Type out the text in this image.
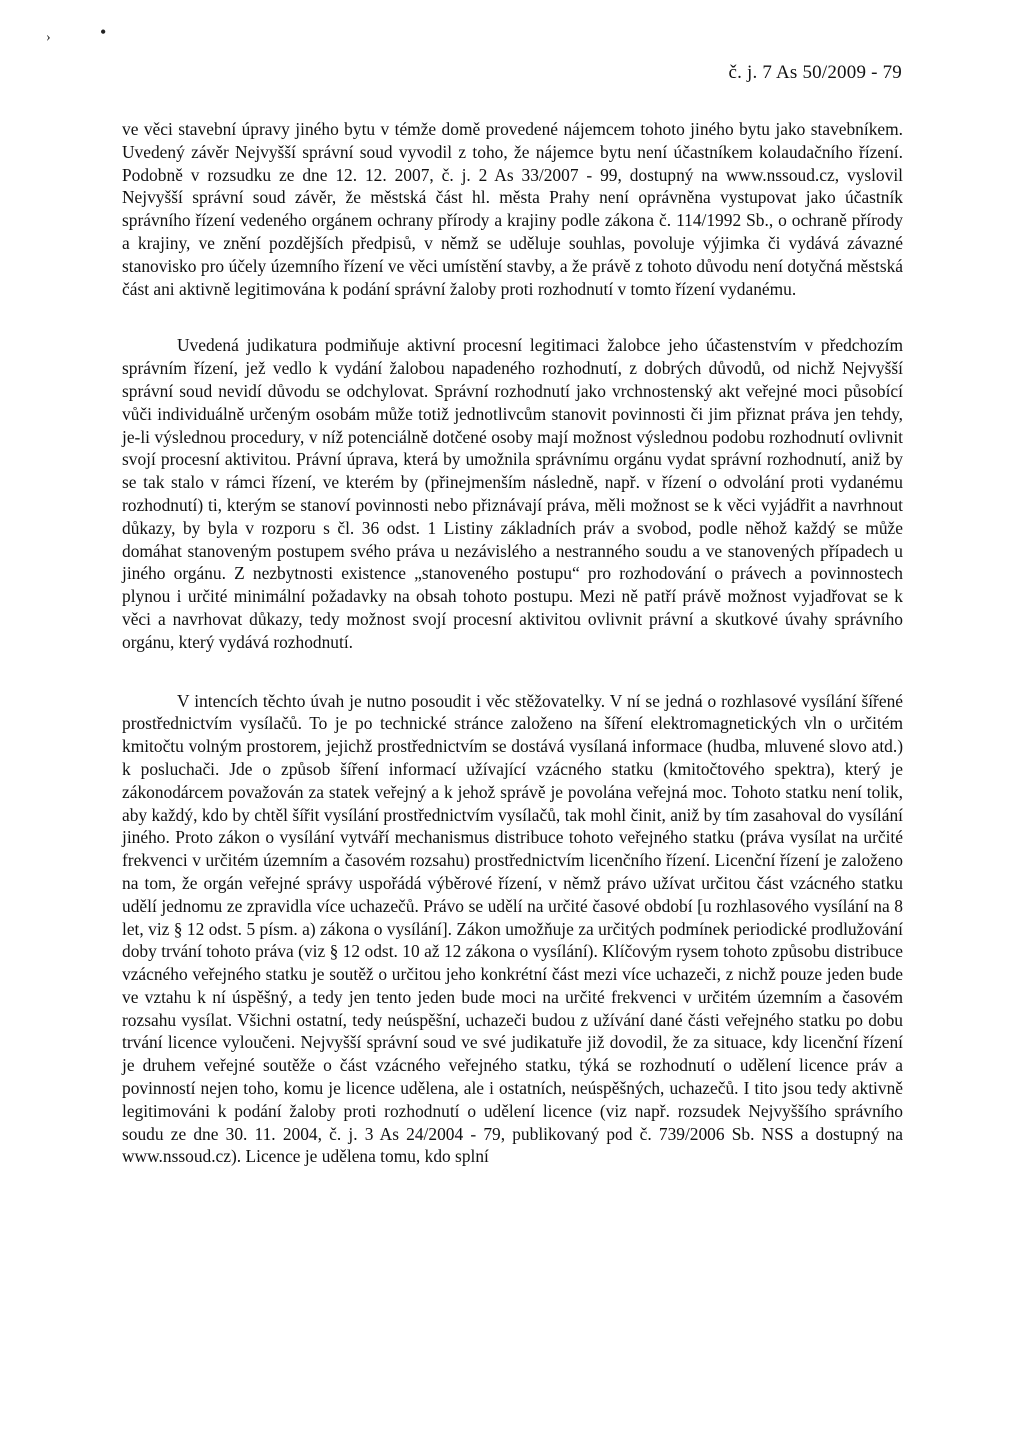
›	•
č. j. 7 As 50/2009 - 79

ve věci stavební úpravy jiného bytu v témže domě provedené nájemcem tohoto jiného bytu jako stavebníkem. Uvedený závěr Nejvyšší správní soud vyvodil z toho, že nájemce bytu není účastníkem kolaudačního řízení. Podobně v rozsudku ze dne 12. 12. 2007, č. j. 2 As 33/2007 - 99, dostupný na www.nssoud.cz, vyslovil Nejvyšší správní soud závěr, že městská část hl. města Prahy není oprávněna vystupovat jako účastník správního řízení vedeného orgánem ochrany přírody a krajiny podle zákona č. 114/1992 Sb., o ochraně přírody a krajiny, ve znění pozdějších předpisů, v němž se uděluje souhlas, povoluje výjimka či vydává závazné stanovisko pro účely územního řízení ve věci umístění stavby, a že právě z tohoto důvodu není dotyčná městská část ani aktivně legitimována k podání správní žaloby proti rozhodnutí v tomto řízení vydanému.

Uvedená judikatura podmiňuje aktivní procesní legitimaci žalobce jeho účastenstvím v předchozím správním řízení, jež vedlo k vydání žalobou napadeného rozhodnutí, z dobrých důvodů, od nichž Nejvyšší správní soud nevidí důvodu se odchylovat. Správní rozhodnutí jako vrchnostenský akt veřejné moci působící vůči individuálně určeným osobám může totiž jednotlivcům stanovit povinnosti či jim přiznat práva jen tehdy, je-li výslednou procedury, v níž potenciálně dotčené osoby mají možnost výslednou podobu rozhodnutí ovlivnit svojí procesní aktivitou. Právní úprava, která by umožnila správnímu orgánu vydat správní rozhodnutí, aniž by se tak stalo v rámci řízení, ve kterém by (přinejmenším následně, např. v řízení o odvolání proti vydanému rozhodnutí) ti, kterým se stanoví povinnosti nebo přiznávají práva, měli možnost se k věci vyjádřit a navrhnout důkazy, by byla v rozporu s čl. 36 odst. 1 Listiny základních práv a svobod, podle něhož každý se může domáhat stanoveným postupem svého práva u nezávislého a nestranného soudu a ve stanovených případech u jiného orgánu. Z nezbytnosti existence „stanoveného postupu“ pro rozhodování o právech a povinnostech plynou i určité minimální požadavky na obsah tohoto postupu. Mezi ně patří právě možnost vyjadřovat se k věci a navrhovat důkazy, tedy možnost svojí procesní aktivitou ovlivnit právní a skutkové úvahy správního orgánu, který vydává rozhodnutí.

V intencích těchto úvah je nutno posoudit i věc stěžovatelky. V ní se jedná o rozhlasové vysílání šířené prostřednictvím vysílačů. To je po technické stránce založeno na šíření elektromagnetických vln o určitém kmitočtu volným prostorem, jejichž prostřednictvím se dostává vysílaná informace (hudba, mluvené slovo atd.) k posluchači. Jde o způsob šíření informací užívající vzácného statku (kmitočtového spektra), který je zákonodárcem považován za statek veřejný a k jehož správě je povolána veřejná moc. Tohoto statku není tolik, aby každý, kdo by chtěl šířit vysílání prostřednictvím vysílačů, tak mohl činit, aniž by tím zasahoval do vysílání jiného. Proto zákon o vysílání vytváří mechanismus distribuce tohoto veřejného statku (práva vysílat na určité frekvenci v určitém územním a časovém rozsahu) prostřednictvím licenčního řízení. Licenční řízení je založeno na tom, že orgán veřejné správy uspořádá výběrové řízení, v němž právo užívat určitou část vzácného statku udělí jednomu ze zpravidla více uchazečů. Právo se udělí na určité časové období [u rozhlasového vysílání na 8 let, viz § 12 odst. 5 písm. a) zákona o vysílání]. Zákon umožňuje za určitých podmínek periodické prodlužování doby trvání tohoto práva (viz § 12 odst. 10 až 12 zákona o vysílání). Klíčovým rysem tohoto způsobu distribuce vzácného veřejného statku je soutěž o určitou jeho konkrétní část mezi více uchazeči, z nichž pouze jeden bude ve vztahu k ní úspěšný, a tedy jen tento jeden bude moci na určité frekvenci v určitém územním a časovém rozsahu vysílat. Všichni ostatní, tedy neúspěšní, uchazeči budou z užívání dané části veřejného statku po dobu trvání licence vyloučeni. Nejvyšší správní soud ve své judikatuře již dovodil, že za situace, kdy licenční řízení je druhem veřejné soutěže o část vzácného veřejného statku, týká se rozhodnutí o udělení licence práv a povinností nejen toho, komu je licence udělena, ale i ostatních, neúspěšných, uchazečů. I tito jsou tedy aktivně legitimováni k podání žaloby proti rozhodnutí o udělení licence (viz např. rozsudek Nejvyššího správního soudu ze dne 30. 11. 2004, č. j. 3 As 24/2004 - 79, publikovaný pod č. 739/2006 Sb. NSS a dostupný na www.nssoud.cz). Licence je udělena tomu, kdo splní
